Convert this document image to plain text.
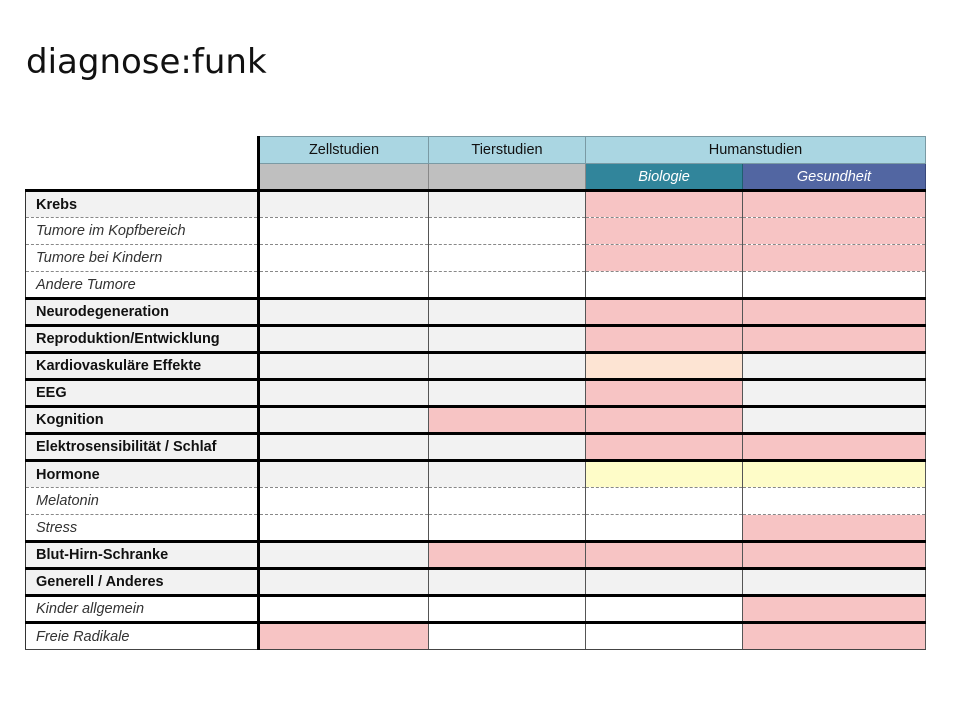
diagnose:funk
	Zellstudien	Tierstudien	Humanstudien	
			Biologie	Gesundheit
Krebs				
Tumore im Kopfbereich				
Tumore bei Kindern				
Andere Tumore				
Neurodegeneration				
Reproduktion/Entwicklung				
Kardiovaskuläre Effekte				
EEG				
Kognition				
Elektrosensibilität / Schlaf				
Hormone				
Melatonin				
Stress				
Blut-Hirn-Schranke				
Generell / Anderes				
Kinder allgemein				
Freie Radikale				
